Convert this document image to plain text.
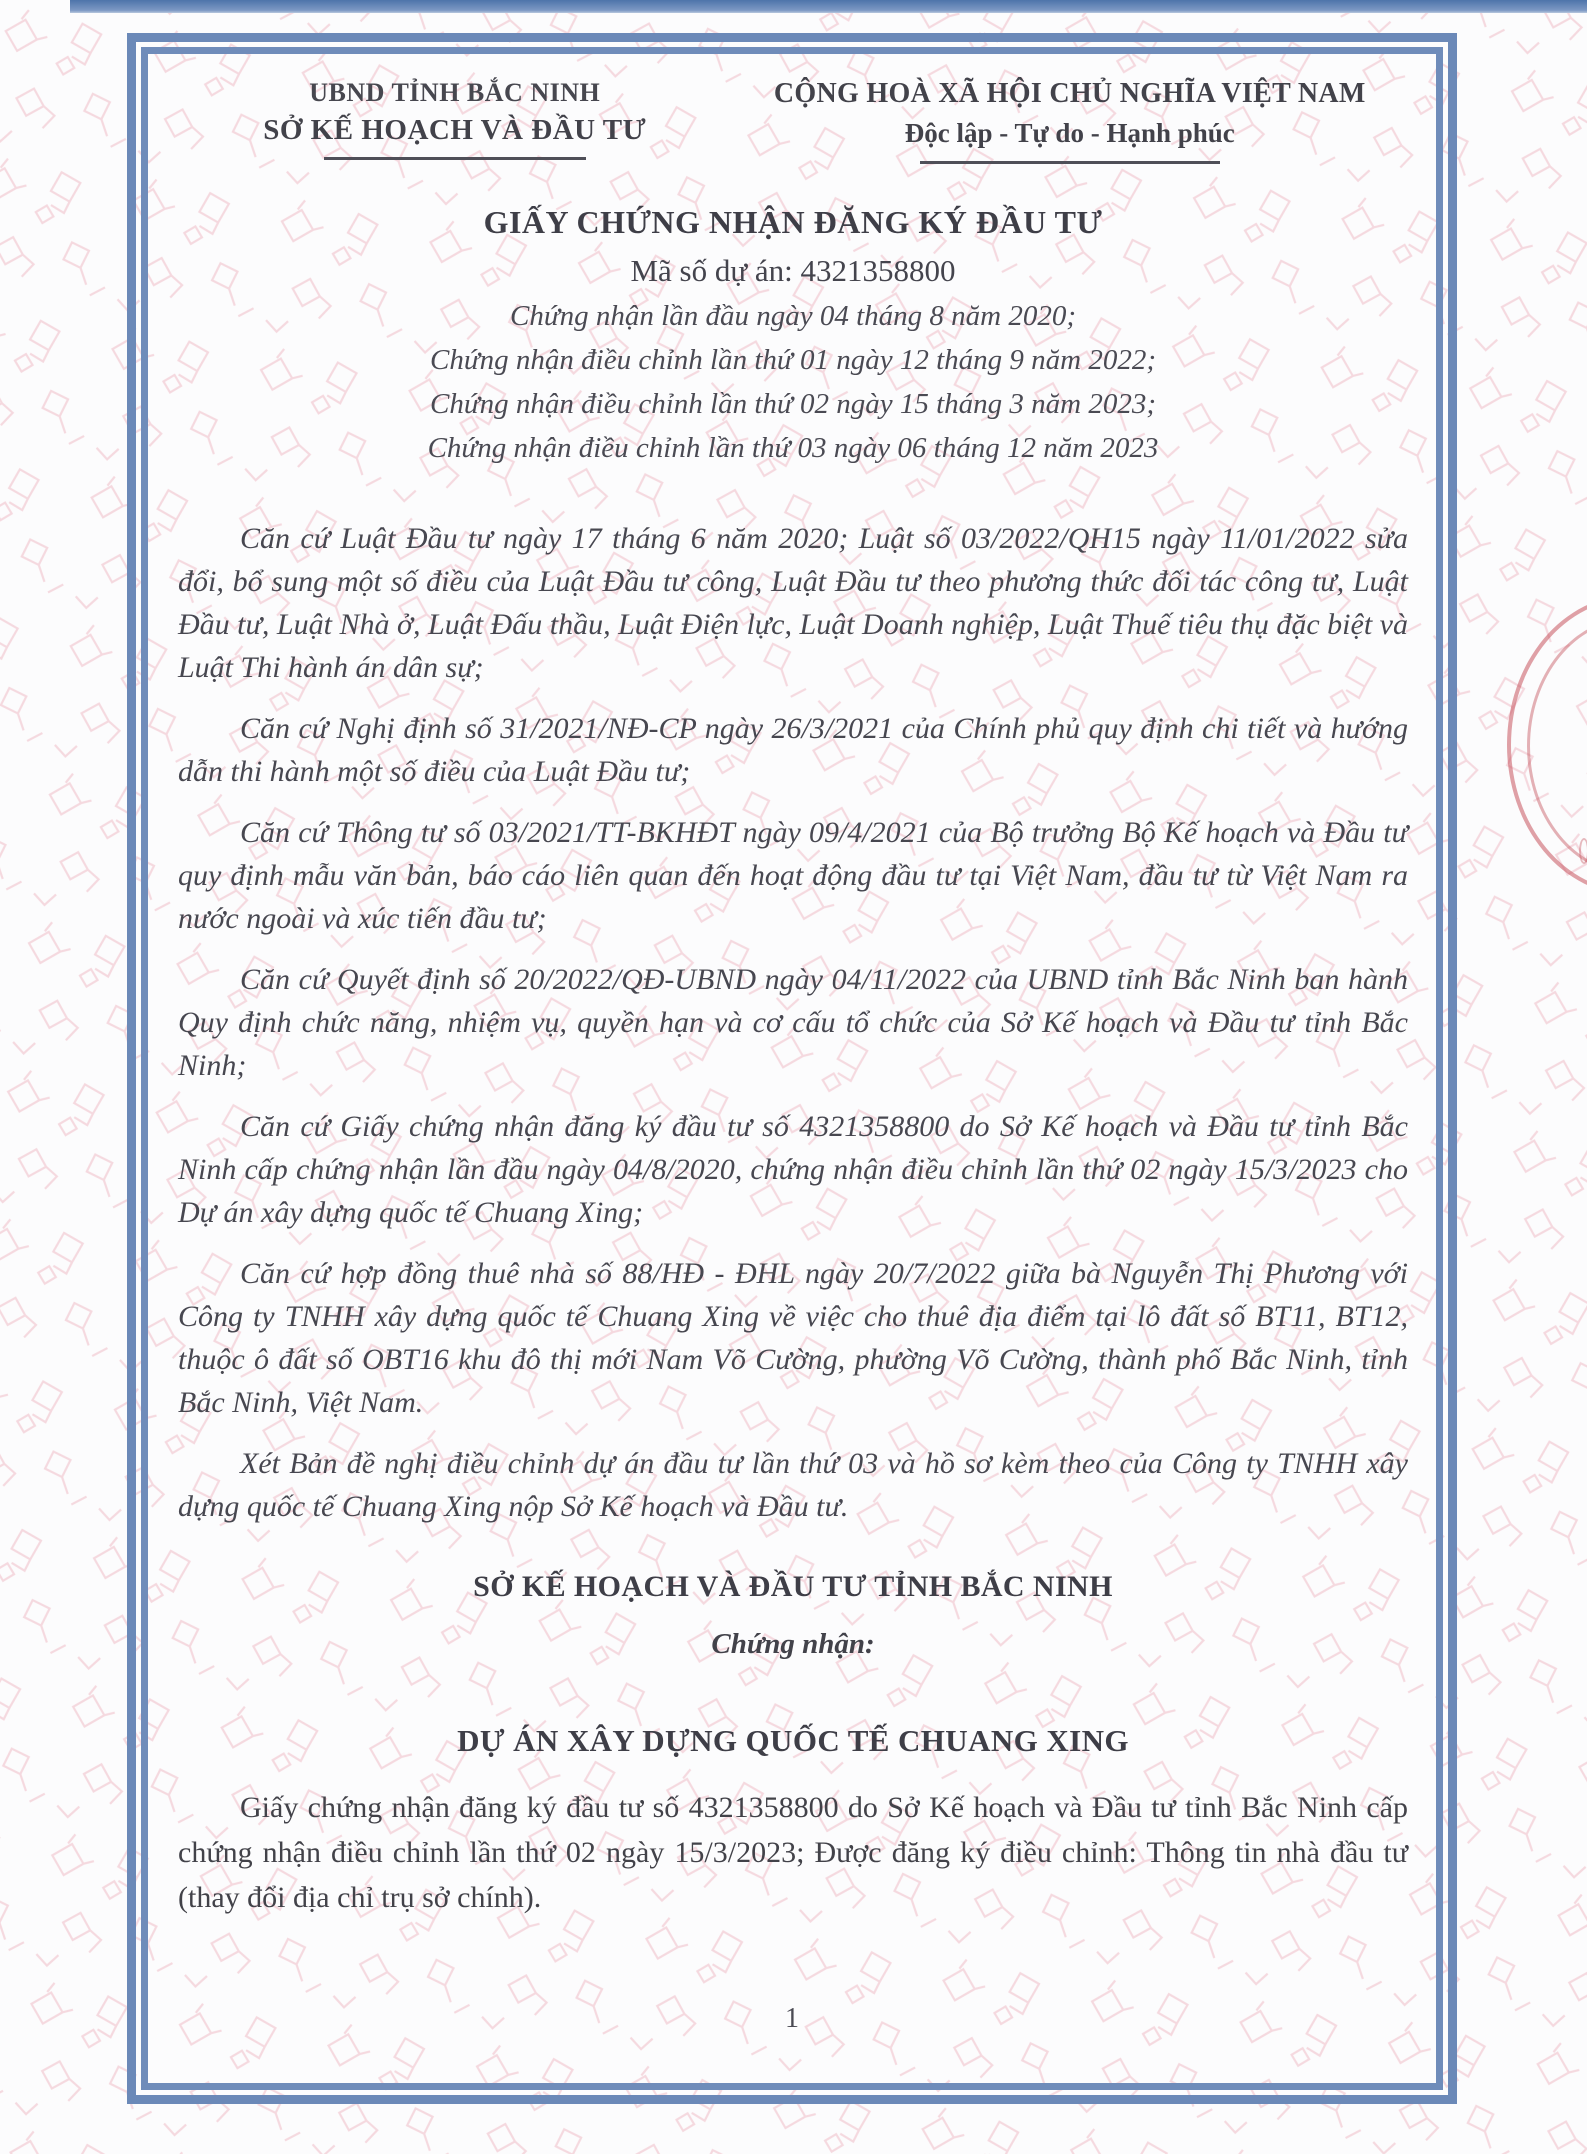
UBND TỈNH BẮC NINH
SỞ KẾ HOẠCH VÀ ĐẦU TƯ
CỘNG HOÀ XÃ HỘI CHỦ NGHĨA VIỆT NAM
Độc lập - Tự do - Hạnh phúc
GIẤY CHỨNG NHẬN ĐĂNG KÝ ĐẦU TƯ
Mã số dự án: 4321358800
Chứng nhận lần đầu ngày 04 tháng 8 năm 2020;
Chứng nhận điều chỉnh lần thứ 01 ngày 12 tháng 9 năm 2022;
Chứng nhận điều chỉnh lần thứ 02 ngày 15 tháng 3 năm 2023;
Chứng nhận điều chỉnh lần thứ 03 ngày 06 tháng 12 năm 2023

Căn cứ Luật Đầu tư ngày 17 tháng 6 năm 2020; Luật số 03/2022/QH15 ngày 11/01/2022 sửa đổi, bổ sung một số điều của Luật Đầu tư công, Luật Đầu tư theo phương thức đối tác công tư, Luật Đầu tư, Luật Nhà ở, Luật Đấu thầu, Luật Điện lực, Luật Doanh nghiệp, Luật Thuế tiêu thụ đặc biệt và Luật Thi hành án dân sự;

Căn cứ Nghị định số 31/2021/NĐ-CP ngày 26/3/2021 của Chính phủ quy định chi tiết và hướng dẫn thi hành một số điều của Luật Đầu tư;

Căn cứ Thông tư số 03/2021/TT-BKHĐT ngày 09/4/2021 của Bộ trưởng Bộ Kế hoạch và Đầu tư quy định mẫu văn bản, báo cáo liên quan đến hoạt động đầu tư tại Việt Nam, đầu tư từ Việt Nam ra nước ngoài và xúc tiến đầu tư;

Căn cứ Quyết định số 20/2022/QĐ-UBND ngày 04/11/2022 của UBND tỉnh Bắc Ninh ban hành Quy định chức năng, nhiệm vụ, quyền hạn và cơ cấu tổ chức của Sở Kế hoạch và Đầu tư tỉnh Bắc Ninh;

Căn cứ Giấy chứng nhận đăng ký đầu tư số 4321358800 do Sở Kế hoạch và Đầu tư tỉnh Bắc Ninh cấp chứng nhận lần đầu ngày 04/8/2020, chứng nhận điều chỉnh lần thứ 02 ngày 15/3/2023 cho Dự án xây dựng quốc tế Chuang Xing;

Căn cứ hợp đồng thuê nhà số 88/HĐ - ĐHL ngày 20/7/2022 giữa bà Nguyễn Thị Phương với Công ty TNHH xây dựng quốc tế Chuang Xing về việc cho thuê địa điểm tại lô đất số BT11, BT12, thuộc ô đất số OBT16 khu đô thị mới Nam Võ Cường, phường Võ Cường, thành phố Bắc Ninh, tỉnh Bắc Ninh, Việt Nam.

Xét Bản đề nghị điều chỉnh dự án đầu tư lần thứ 03 và hồ sơ kèm theo của Công ty TNHH xây dựng quốc tế Chuang Xing nộp Sở Kế hoạch và Đầu tư.

SỞ KẾ HOẠCH VÀ ĐẦU TƯ TỈNH BẮC NINH
Chứng nhận:
DỰ ÁN XÂY DỰNG QUỐC TẾ CHUANG XING

Giấy chứng nhận đăng ký đầu tư số 4321358800 do Sở Kế hoạch và Đầu tư tỉnh Bắc Ninh cấp chứng nhận điều chỉnh lần thứ 02 ngày 15/3/2023; Được đăng ký điều chỉnh: Thông tin nhà đầu tư (thay đổi địa chỉ trụ sở chính).

1
